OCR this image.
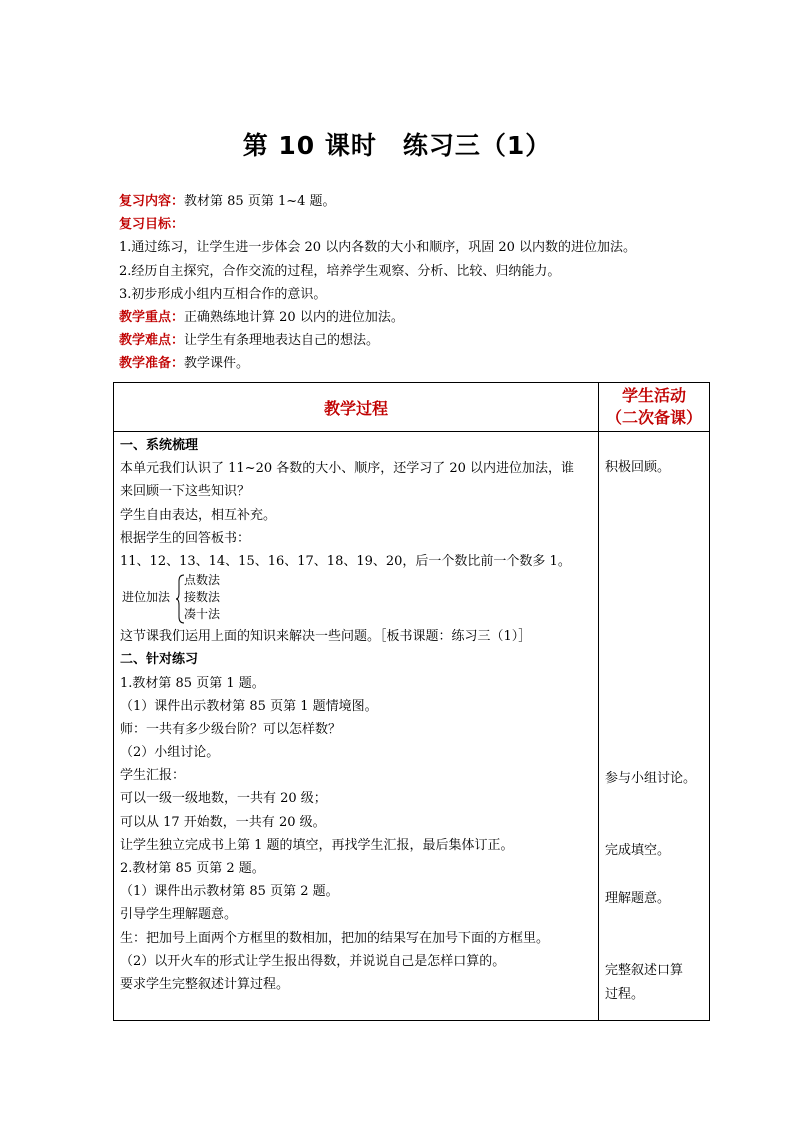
第 10 课时　练习三（1）
复习内容：教材第 85 页第 1~4 题。
复习目标：
1.通过练习，让学生进一步体会 20 以内各数的大小和顺序，巩固 20 以内数的进位加法。
2.经历自主探究，合作交流的过程，培养学生观察、分析、比较、归纳能力。
3.初步形成小组内互相合作的意识。
教学重点：正确熟练地计算 20 以内的进位加法。
教学难点：让学生有条理地表达自己的想法。
教学准备：教学课件。
教学过程
学生活动
（二次备课）
一、系统梳理
本单元我们认识了 11~20 各数的大小、顺序，还学习了 20 以内进位加法，谁
来回顾一下这些知识？
学生自由表达，相互补充。
根据学生的回答板书：
11、12、13、14、15、16、17、18、19、20，后一个数比前一个数多 1。
进位加法
点数法
接数法
凑十法
这节课我们运用上面的知识来解决一些问题。［板书课题：练习三（1）］
二、针对练习
1.教材第 85 页第 1 题。
（1）课件出示教材第 85 页第 1 题情境图。
师：一共有多少级台阶？可以怎样数？
（2）小组讨论。
学生汇报：
可以一级一级地数，一共有 20 级；
可以从 17 开始数，一共有 20 级。
让学生独立完成书上第 1 题的填空，再找学生汇报，最后集体订正。
2.教材第 85 页第 2 题。
（1）课件出示教材第 85 页第 2 题。
引导学生理解题意。
生：把加号上面两个方框里的数相加，把加的结果写在加号下面的方框里。
（2）以开火车的形式让学生报出得数，并说说自己是怎样口算的。
要求学生完整叙述计算过程。
积极回顾。
参与小组讨论。
完成填空。
理解题意。
完整叙述口算
过程。
